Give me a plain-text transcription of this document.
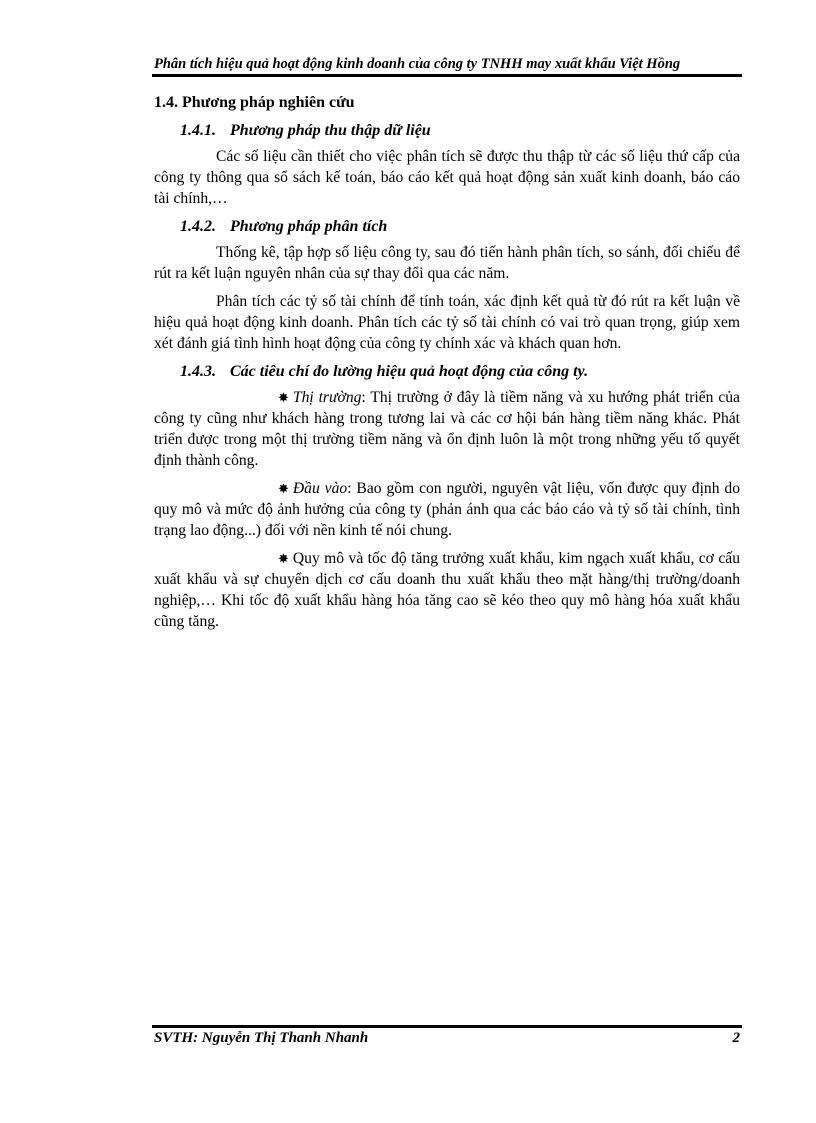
Phân tích hiệu quả hoạt động kinh doanh của công ty TNHH may xuất khẩu Việt Hồng
1.4. Phương pháp nghiên cứu
1.4.1. Phương pháp thu thập dữ liệu

Các số liệu cần thiết cho việc phân tích sẽ được thu thập từ các số liệu thứ cấp của công ty thông qua sổ sách kế toán, báo cáo kết quả hoạt động sản xuất kinh doanh, báo cáo tài chính,…

1.4.2. Phương pháp phân tích

Thống kê, tập hợp số liệu công ty, sau đó tiến hành phân tích, so sánh, đối chiếu để rút ra kết luận nguyên nhân của sự thay đổi qua các năm.

Phân tích các tỷ số tài chính để tính toán, xác định kết quả từ đó rút ra kết luận về hiệu quả hoạt động kinh doanh. Phân tích các tỷ số tài chính có vai trò quan trọng, giúp xem xét đánh giá tình hình hoạt động của công ty chính xác và khách quan hơn.

1.4.3. Các tiêu chí đo lường hiệu quả hoạt động của công ty.

✸ Thị trường: Thị trường ở đây là tiềm năng và xu hướng phát triển của công ty cũng như khách hàng trong tương lai và các cơ hội bán hàng tiềm năng khác. Phát triển được trong một thị trường tiềm năng và ổn định luôn là một trong những yếu tố quyết định thành công.

✸ Đầu vào: Bao gồm con người, nguyên vật liệu, vốn được quy định do quy mô và mức độ ảnh hưởng của công ty (phản ánh qua các báo cáo và tỷ số tài chính, tình trạng lao động...) đối với nền kinh tế nói chung.

✸ Quy mô và tốc độ tăng trưởng xuất khẩu, kim ngạch xuất khẩu, cơ cấu xuất khẩu và sự chuyển dịch cơ cấu doanh thu xuất khẩu theo mặt hàng/thị trường/doanh nghiệp,… Khi tốc độ xuất khẩu hàng hóa tăng cao sẽ kéo theo quy mô hàng hóa xuất khẩu cũng tăng.

SVTH: Nguyễn Thị Thanh Nhanh	2
